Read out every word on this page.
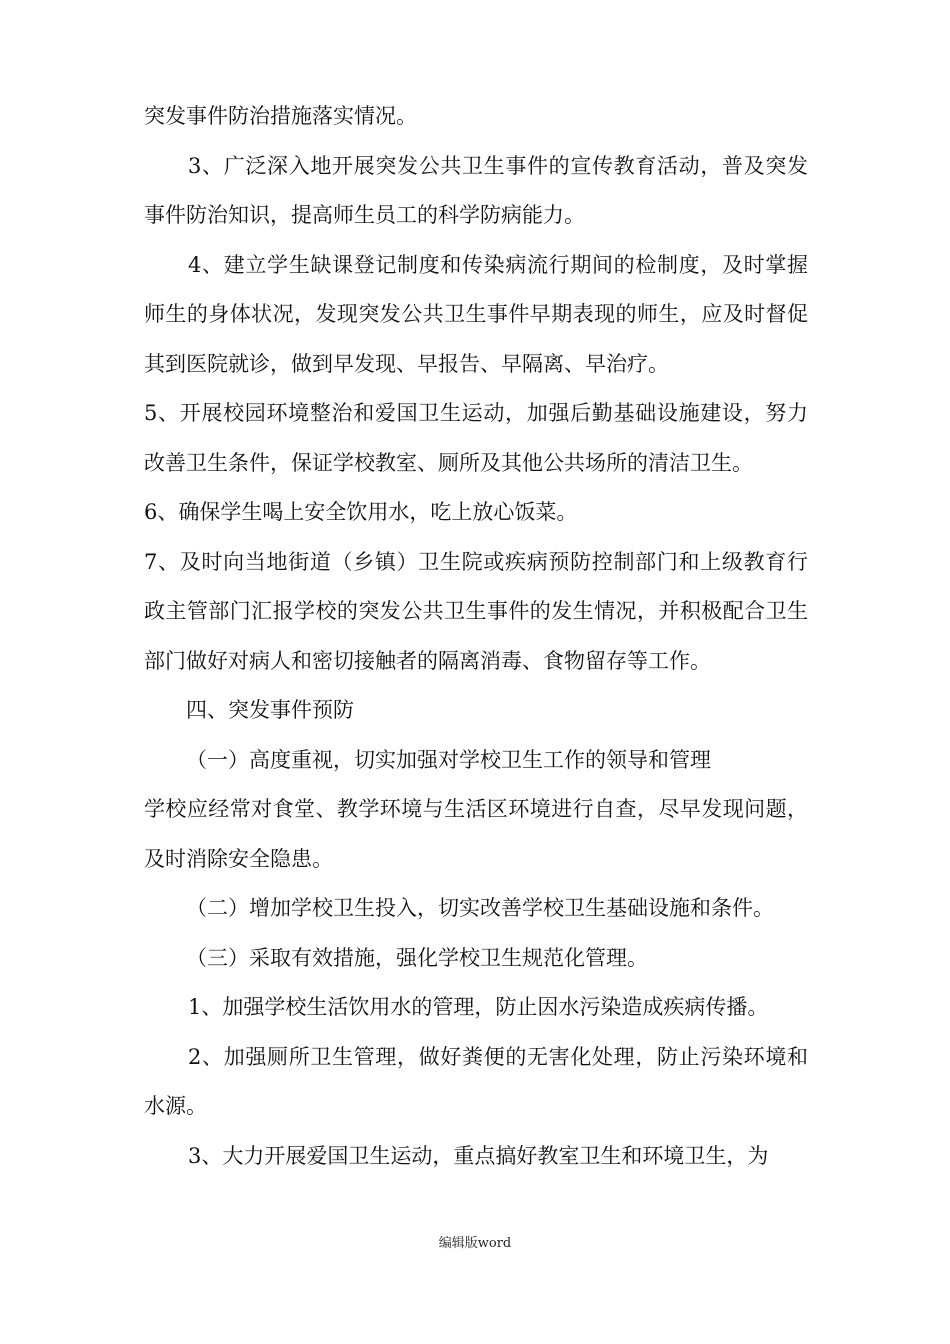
突发事件防治措施落实情况。

3、广泛深入地开展突发公共卫生事件的宣传教育活动，普及突发事件防治知识，提高师生员工的科学防病能力。

4、建立学生缺课登记制度和传染病流行期间的检制度，及时掌握师生的身体状况，发现突发公共卫生事件早期表现的师生，应及时督促其到医院就诊，做到早发现、早报告、早隔离、早治疗。

5、开展校园环境整治和爱国卫生运动，加强后勤基础设施建设，努力改善卫生条件，保证学校教室、厕所及其他公共场所的清洁卫生。

6、确保学生喝上安全饮用水，吃上放心饭菜。

7、及时向当地街道（乡镇）卫生院或疾病预防控制部门和上级教育行政主管部门汇报学校的突发公共卫生事件的发生情况，并积极配合卫生部门做好对病人和密切接触者的隔离消毒、食物留存等工作。

四、突发事件预防

（一）高度重视，切实加强对学校卫生工作的领导和管理

学校应经常对食堂、教学环境与生活区环境进行自查，尽早发现问题，及时消除安全隐患。

（二）增加学校卫生投入，切实改善学校卫生基础设施和条件。

（三）采取有效措施，强化学校卫生规范化管理。

1、加强学校生活饮用水的管理，防止因水污染造成疾病传播。

2、加强厕所卫生管理，做好粪便的无害化处理，防止污染环境和水源。

3、大力开展爱国卫生运动，重点搞好教室卫生和环境卫生，为

编辑版word
